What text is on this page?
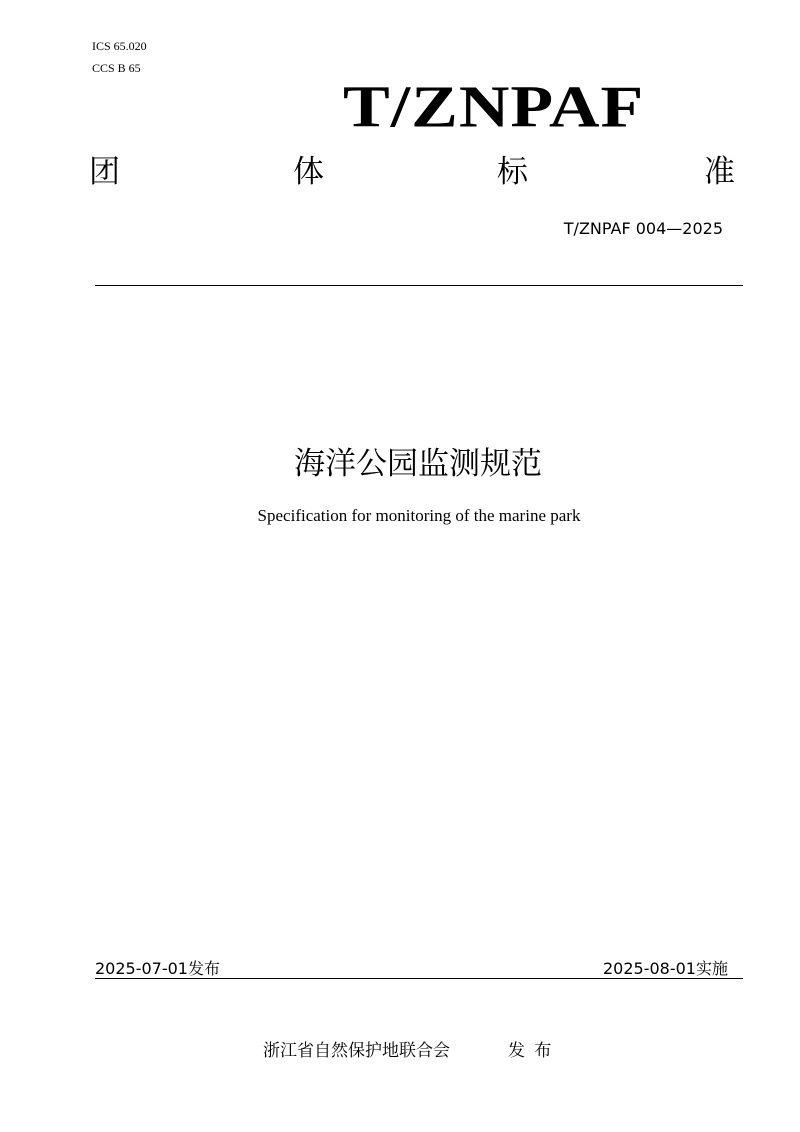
ICS 65.020
CCS B 65
T/ZNPAF
团	体	标	准
T/ZNPAF 004—2025
海洋公园监测规范
Specification for monitoring of the marine park
2025-07-01发布	2025-08-01实施
浙江省自然保护地联合会	发 布
